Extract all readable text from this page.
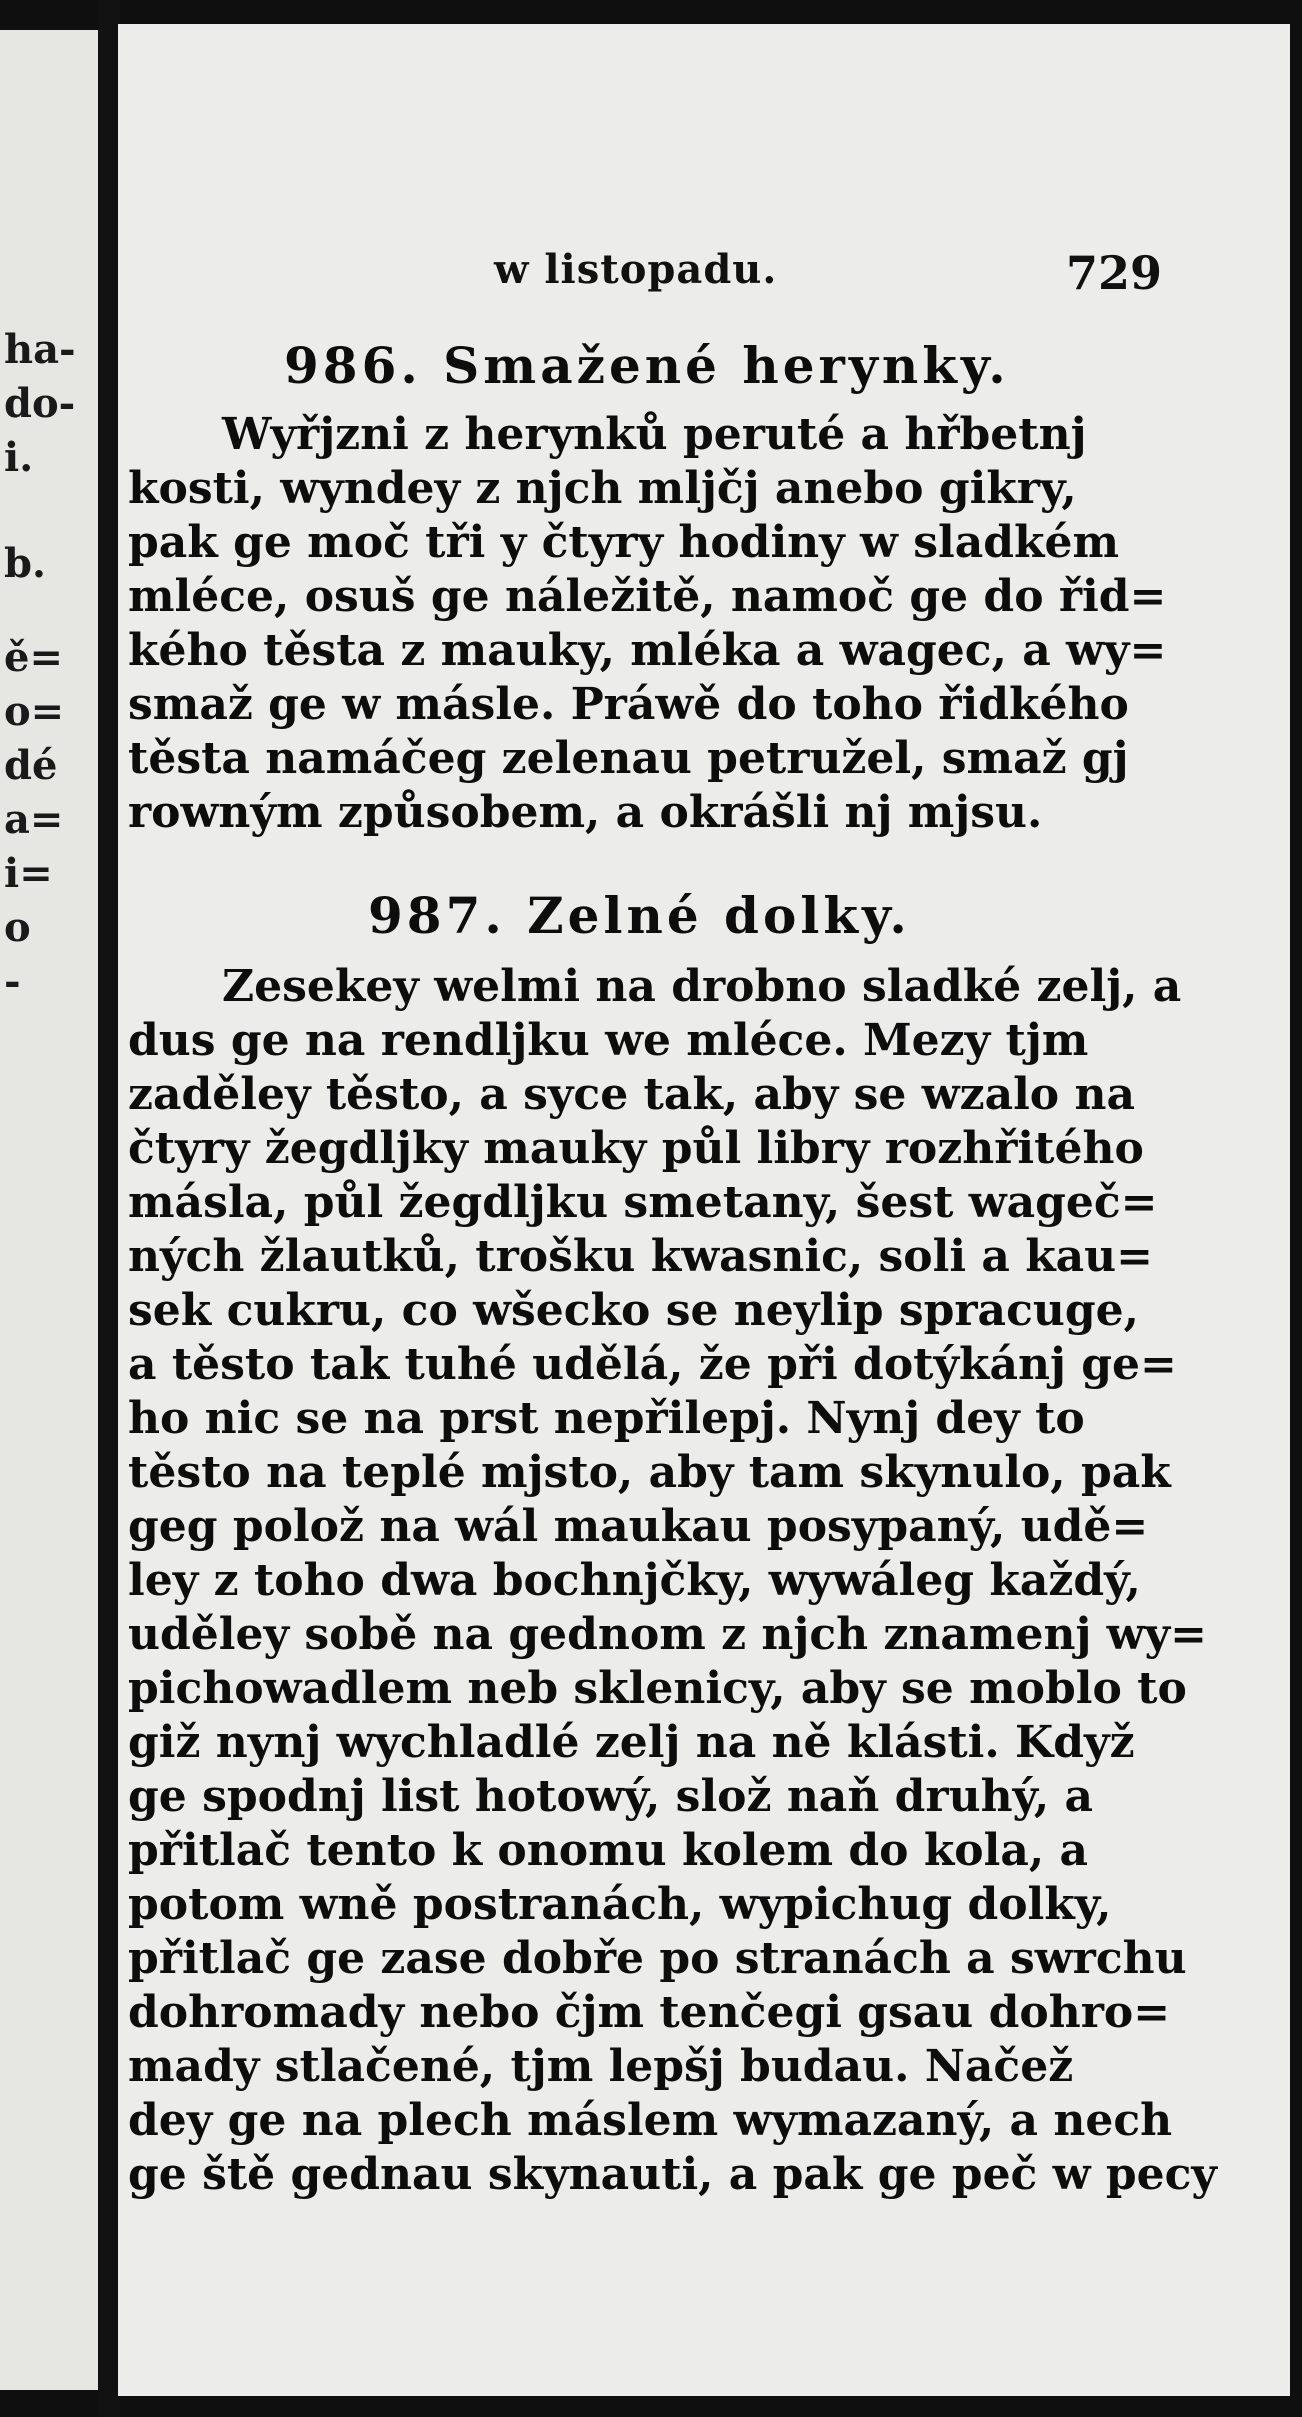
ha-
do-
i.
b.
ě=
o=
dé
a=
i=
o
-
w listopadu.	729
986. Smažené herynky.
Wyřjzni z herynků peruté a hřbetnj
kosti, wyndey z njch mljčj anebo gikry,
pak ge moč tři y čtyry hodiny w sladkém
mléce, osuš ge náležitě, namoč ge do řid=
kého těsta z mauky, mléka a wagec, a wy=
smaž ge w másle. Práwě do toho řidkého
těsta namáčeg zelenau petružel, smaž gj
rowným způsobem, a okrášli nj mjsu.
987. Zelné dolky.
Zesekey welmi na drobno sladké zelj, a
dus ge na rendljku we mléce. Mezy tjm
zaděley těsto, a syce tak, aby se wzalo na
čtyry žegdljky mauky půl libry rozhřitého
másla, půl žegdljku smetany, šest wageč=
ných žlautků, trošku kwasnic, soli a kau=
sek cukru, co wšecko se neylip spracuge,
a těsto tak tuhé udělá, že při dotýkánj ge=
ho nic se na prst nepřilepj. Nynj dey to
těsto na teplé mjsto, aby tam skynulo, pak
geg polož na wál maukau posypaný, udě=
ley z toho dwa bochnjčky, wywáleg každý,
uděley sobě na gednom z njch znamenj wy=
pichowadlem neb sklenicy, aby se moblo to
giž nynj wychladlé zelj na ně klásti. Když
ge spodnj list hotowý, slož naň druhý, a
přitlač tento k onomu kolem do kola, a
potom wně postranách, wypichug dolky,
přitlač ge zase dobře po stranách a swrchu
dohromady nebo čjm tenčegi gsau dohro=
mady stlačené, tjm lepšj budau. Načež
dey ge na plech máslem wymazaný, a nech
ge ště gednau skynauti, a pak ge peč w pecy
